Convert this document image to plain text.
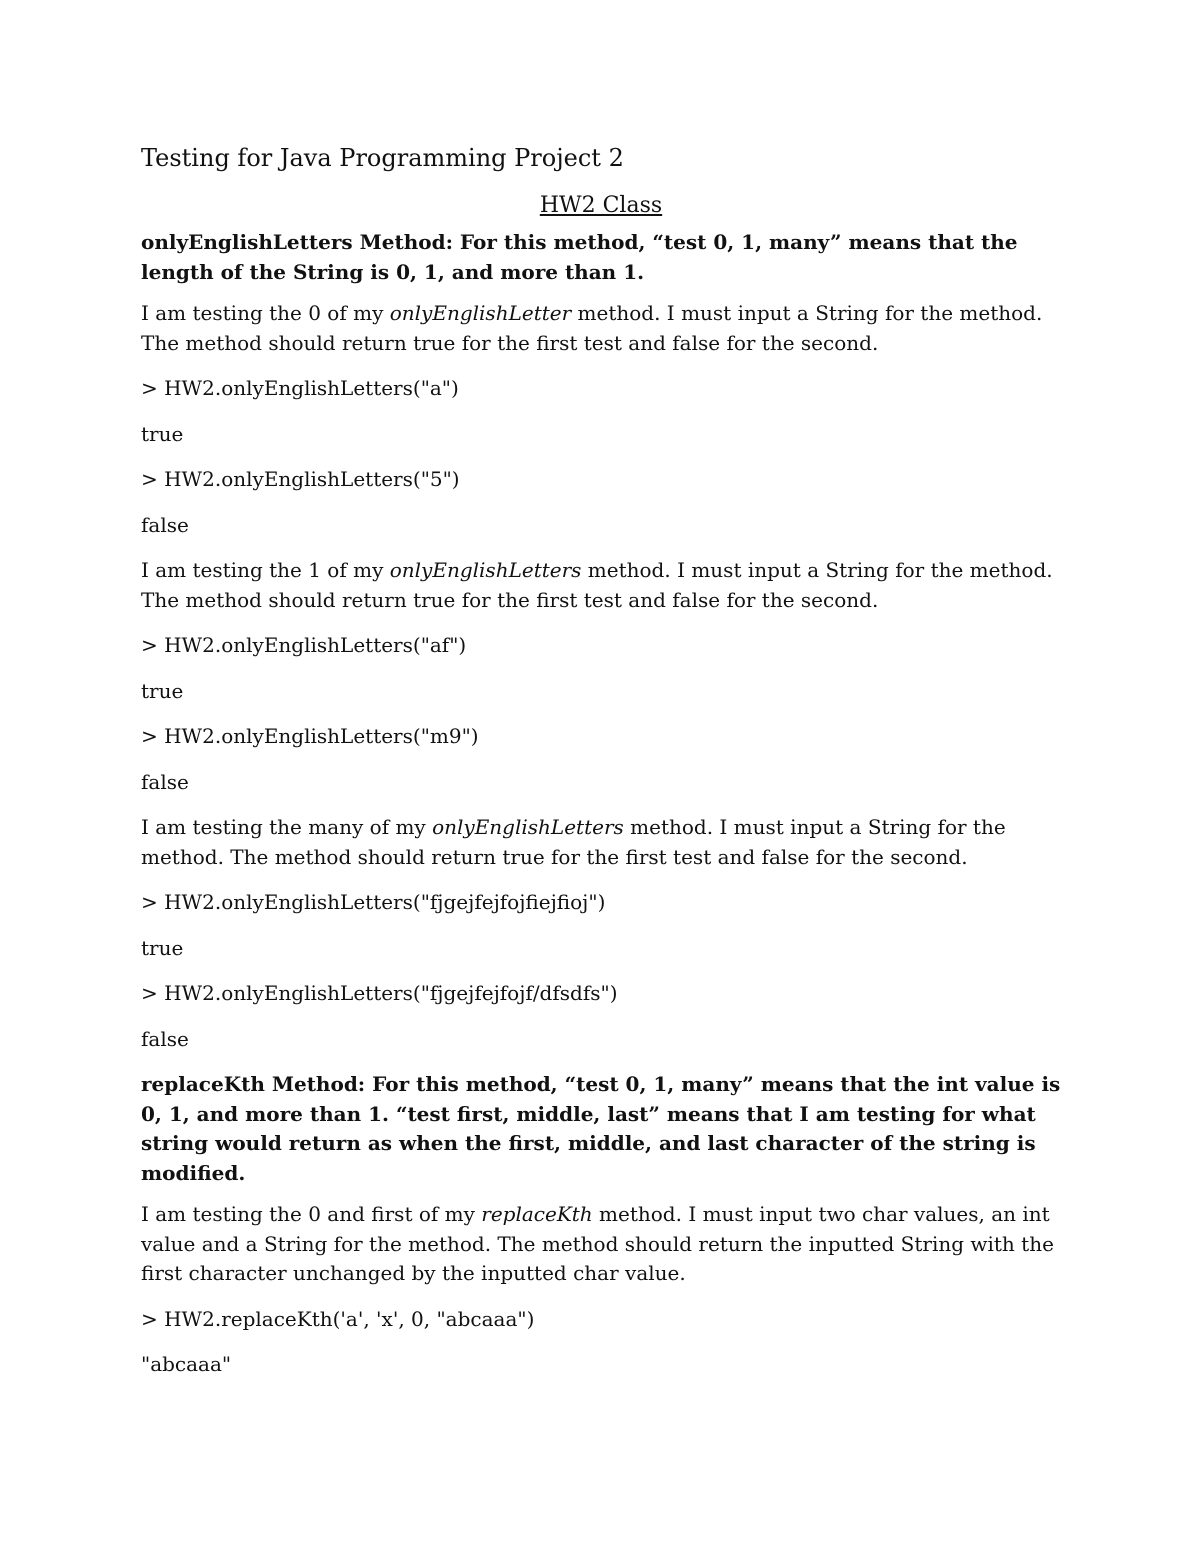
Testing for Java Programming Project 2
HW2 Class
onlyEnglishLetters Method: For this method, “test 0, 1, many” means that the length of the String is 0, 1, and more than 1.
I am testing the 0 of my onlyEnglishLetter method. I must input a String for the method. The method should return true for the first test and false for the second.
> HW2.onlyEnglishLetters("a")
true
> HW2.onlyEnglishLetters("5")
false
I am testing the 1 of my onlyEnglishLetters method. I must input a String for the method. The method should return true for the first test and false for the second.
> HW2.onlyEnglishLetters("af")
true
> HW2.onlyEnglishLetters("m9")
false
I am testing the many of my onlyEnglishLetters method. I must input a String for the method. The method should return true for the first test and false for the second.
> HW2.onlyEnglishLetters("fjgejfejfojfiejfioj")
true
> HW2.onlyEnglishLetters("fjgejfejfojf/dfsdfs")
false
replaceKth Method: For this method, “test 0, 1, many” means that the int value is 0, 1, and more than 1. “test first, middle, last” means that I am testing for what string would return as when the first, middle, and last character of the string is modified.
I am testing the 0 and first of my replaceKth method. I must input two char values, an int value and a String for the method. The method should return the inputted String with the first character unchanged by the inputted char value.
> HW2.replaceKth('a', 'x', 0, "abcaaa")
"abcaaa"
